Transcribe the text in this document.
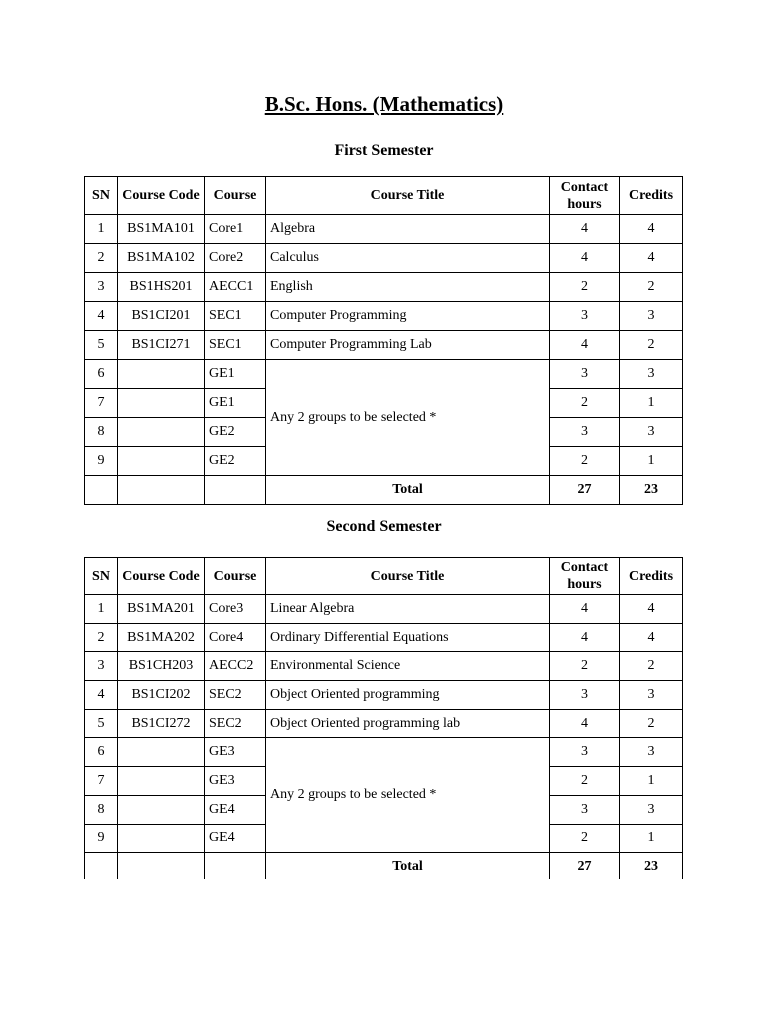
B.Sc. Hons. (Mathematics)
First Semester
SN	Course Code	Course	Course Title	Contact hours	Credits
1	BS1MA101	Core1	Algebra	4	4
2	BS1MA102	Core2	Calculus	4	4
3	BS1HS201	AECC1	English	2	2
4	BS1CI201	SEC1	Computer Programming	3	3
5	BS1CI271	SEC1	Computer Programming Lab	4	2
6		GE1	Any 2 groups to be selected *	3	3
7		GE1		2	1
8		GE2		3	3
9		GE2		2	1
			Total	27	23
Second Semester
SN	Course Code	Course	Course Title	Contact hours	Credits
1	BS1MA201	Core3	Linear Algebra	4	4
2	BS1MA202	Core4	Ordinary Differential Equations	4	4
3	BS1CH203	AECC2	Environmental Science	2	2
4	BS1CI202	SEC2	Object Oriented programming	3	3
5	BS1CI272	SEC2	Object Oriented programming lab	4	2
6		GE3	Any 2 groups to be selected *	3	3
7		GE3		2	1
8		GE4		3	3
9		GE4		2	1
			Total	27	23
